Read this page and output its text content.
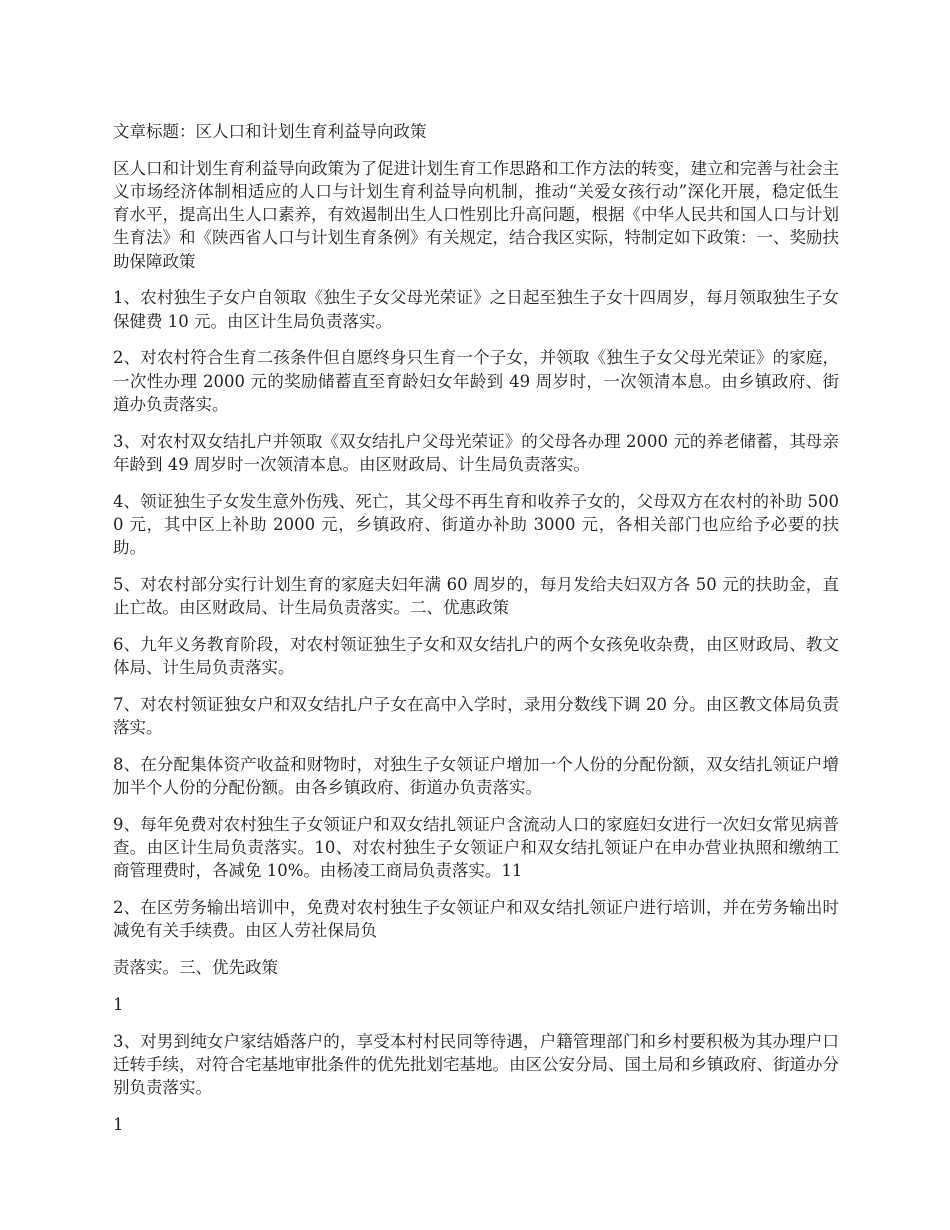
文章标题：区人口和计划生育利益导向政策

区人口和计划生育利益导向政策为了促进计划生育工作思路和工作方法的转变，建立和完善与社会主义市场经济体制相适应的人口与计划生育利益导向机制，推动“关爱女孩行动”深化开展，稳定低生育水平，提高出生人口素养，有效遏制出生人口性别比升高问题，根据《中华人民共和国人口与计划生育法》和《陕西省人口与计划生育条例》有关规定，结合我区实际，特制定如下政策：一、奖励扶助保障政策

1、农村独生子女户自领取《独生子女父母光荣证》之日起至独生子女十四周岁，每月领取独生子女保健费 10 元。由区计生局负责落实。

2、对农村符合生育二孩条件但自愿终身只生育一个子女，并领取《独生子女父母光荣证》的家庭，一次性办理 2000 元的奖励储蓄直至育龄妇女年龄到 49 周岁时，一次领清本息。由乡镇政府、街道办负责落实。

3、对农村双女结扎户并领取《双女结扎户父母光荣证》的父母各办理 2000 元的养老储蓄，其母亲年龄到 49 周岁时一次领清本息。由区财政局、计生局负责落实。

4、领证独生子女发生意外伤残、死亡，其父母不再生育和收养子女的，父母双方在农村的补助 5000 元，其中区上补助 2000 元，乡镇政府、街道办补助 3000 元，各相关部门也应给予必要的扶助。

5、对农村部分实行计划生育的家庭夫妇年满 60 周岁的，每月发给夫妇双方各 50 元的扶助金，直止亡故。由区财政局、计生局负责落实。二、优惠政策

6、九年义务教育阶段，对农村领证独生子女和双女结扎户的两个女孩免收杂费，由区财政局、教文体局、计生局负责落实。

7、对农村领证独女户和双女结扎户子女在高中入学时，录用分数线下调 20 分。由区教文体局负责落实。

8、在分配集体资产收益和财物时，对独生子女领证户增加一个人份的分配份额，双女结扎领证户增加半个人份的分配份额。由各乡镇政府、街道办负责落实。

9、每年免费对农村独生子女领证户和双女结扎领证户含流动人口的家庭妇女进行一次妇女常见病普查。由区计生局负责落实。10、对农村独生子女领证户和双女结扎领证户在申办营业执照和缴纳工商管理费时，各减免 10%。由杨凌工商局负责落实。11

2、在区劳务输出培训中，免费对农村独生子女领证户和双女结扎领证户进行培训，并在劳务输出时减免有关手续费。由区人劳社保局负

责落实。三、优先政策

1

3、对男到纯女户家结婚落户的，享受本村村民同等待遇，户籍管理部门和乡村要积极为其办理户口迁转手续，对符合宅基地审批条件的优先批划宅基地。由区公安分局、国土局和乡镇政府、街道办分别负责落实。

1
